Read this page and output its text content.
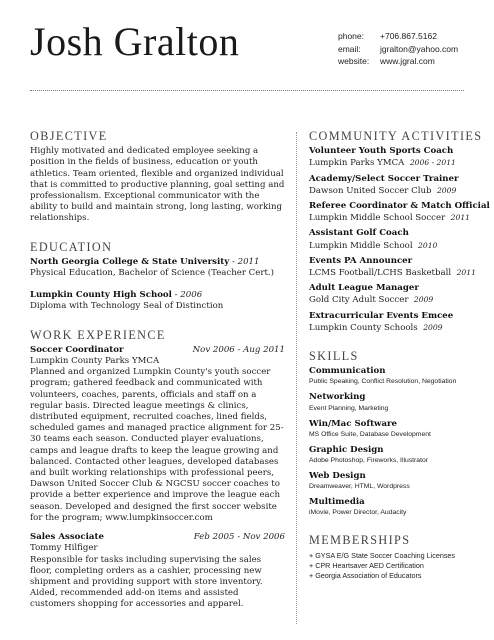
Josh Gralton	phone:	+706.867.5162
email:	jgralton@yahoo.com
website:	www.jgral.com
OBJECTIVE

Highly motivated and dedicated employee seeking a position in the fields of business, education or youth athletics. Team oriented, flexible and organized individual that is committed to productive planning, goal setting and professionalism. Exceptional communicator with the ability to build and maintain strong, long lasting, working relationships.

EDUCATION

North Georgia College & State University - 2011

Physical Education, Bachelor of Science (Teacher Cert.)

Lumpkin County High School - 2006

Diploma with Technology Seal of Distinction

WORK EXPERIENCE
Soccer Coordinator	Nov 2006 - Aug 2011

Lumpkin County Parks YMCA

Planned and organized Lumpkin County's youth soccer program; gathered feedback and communicated with volunteers, coaches, parents, officials and staff on a regular basis. Directed league meetings & clinics, distributed equipment, recruited coaches, lined fields, scheduled games and managed practice alignment for 25-30 teams each season. Conducted player evaluations, camps and league drafts to keep the league growing and balanced. Contacted other leagues, developed databases and built working relationships with professional peers, Dawson United Soccer Club & NGCSU soccer coaches to provide a better experience and improve the league each season. Developed and designed the first soccer website for the program; www.lumpkinsoccer.com

Sales Associate	Feb 2005 - Nov 2006

Tommy Hilfiger

Responsible for tasks including supervising the sales floor, completing orders as a cashier, processing new shipment and providing support with store inventory. Aided, recommended add-on items and assisted customers shopping for accessories and apparel.

COMMUNITY ACTIVITIES

Volunteer Youth Sports Coach

Lumpkin Parks YMCA 2006 - 2011

Academy/Select Soccer Trainer

Dawson United Soccer Club 2009

Referee Coordinator & Match Official

Lumpkin Middle School Soccer 2011

Assistant Golf Coach

Lumpkin Middle School 2010

Events PA Announcer

LCMS Football/LCHS Basketball 2011

Adult League Manager

Gold City Adult Soccer 2009

Extracurricular Events Emcee

Lumpkin County Schools 2009

SKILLS

Communication

Public Speaking, Conflict Resolution, Negotiation

Networking

Event Planning, Marketing

Win/Mac Software

MS Office Suite, Database Development

Graphic Design

Adobe Photoshop, Fireworks, Illustrator

Web Design

Dreamweaver, HTML, Wordpress

Multimedia

iMovie, Power Director, Audacity

MEMBERSHIPS

+ GYSA E/G State Soccer Coaching Licenses

+ CPR Heartsaver AED Certification

+ Georgia Association of Educators
